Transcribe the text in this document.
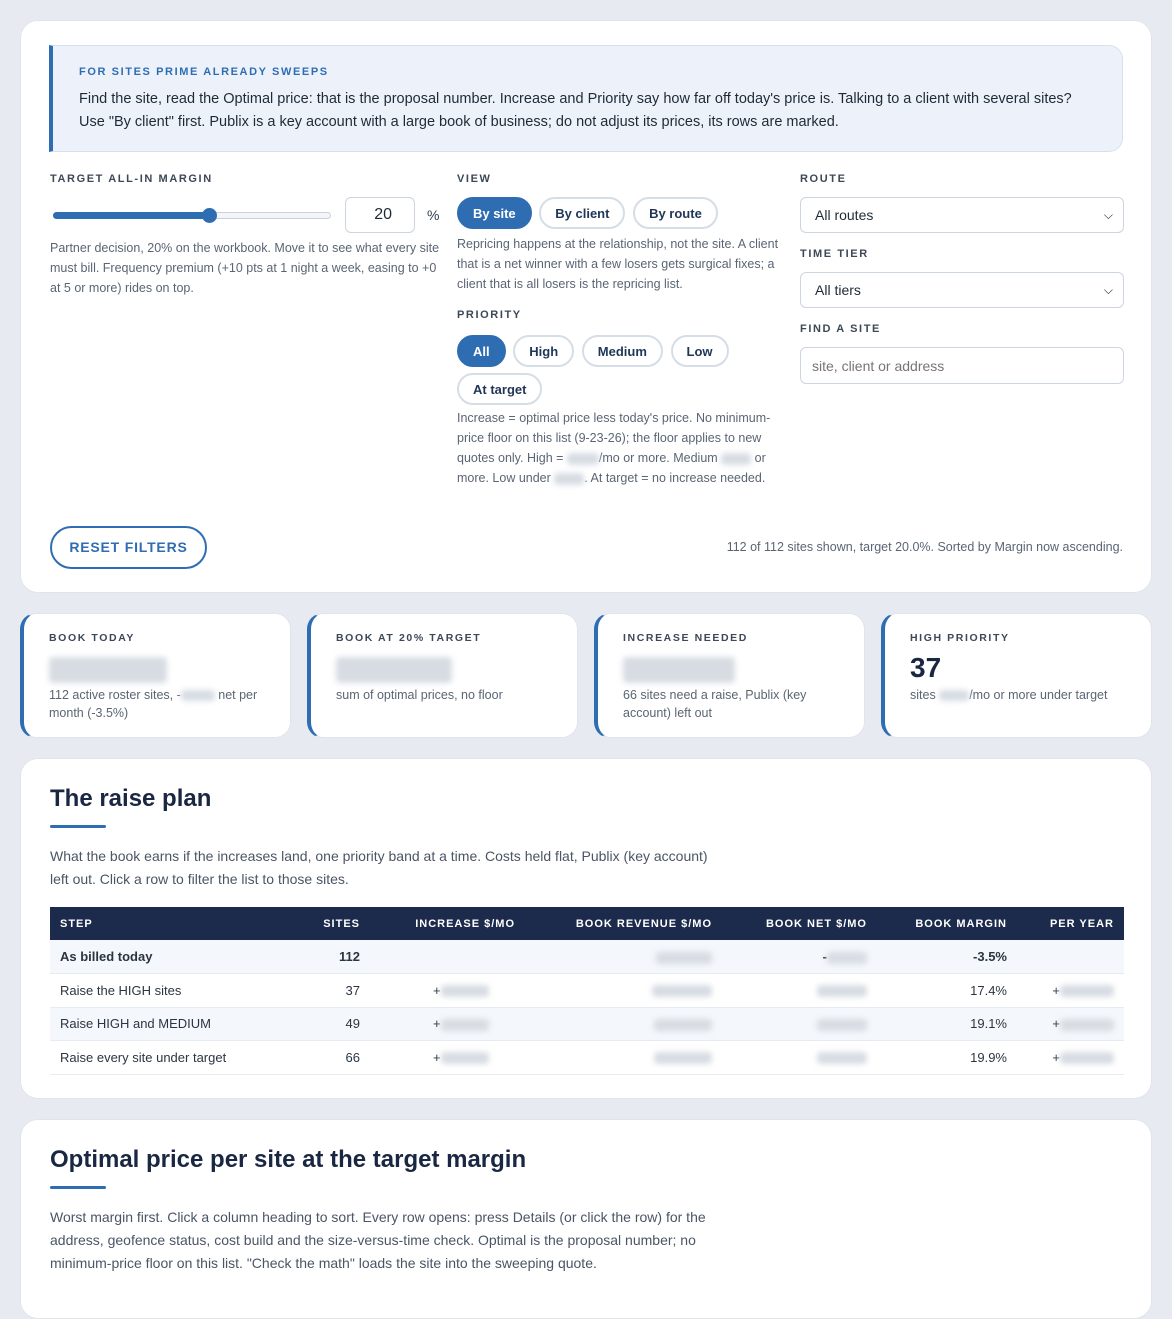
FOR SITES PRIME ALREADY SWEEPS
Find the site, read the Optimal price: that is the proposal number. Increase and Priority say how far off today's price is. Talking to a client with several sites? Use "By client" first. Publix is a key account with a large book of business; do not adjust its prices, its rows are marked.
TARGET ALL-IN MARGIN
20	%
Partner decision, 20% on the workbook. Move it to see what every site must bill. Frequency premium (+10 pts at 1 night a week, easing to +0 at 5 or more) rides on top.
VIEW
By site	By client	By route
Repricing happens at the relationship, not the site. A client that is a net winner with a few losers gets surgical fixes; a client that is all losers is the repricing list.
PRIORITY
All	High	Medium	Low At target
Increase = optimal price less today's price. No minimum-price floor on this list (9-23-26); the floor applies to new quotes only. High =	/mo or more. Medium  or more. Low under . At target = no increase needed.
ROUTE
All routes	⌵
TIME TIER
All tiers	⌵
FIND A SITE
site, client or address
RESET FILTERS	112 of 112 sites shown, target 20.0%. Sorted by Margin now ascending.
BOOK TODAY
112 active roster sites, -	net per month (-3.5%)
BOOK AT 20% TARGET
sum of optimal prices, no floor
INCREASE NEEDED
66 sites need a raise, Publix (key account) left out
HIGH PRIORITY
37
sites /mo or more under target
The raise plan
What the book earns if the increases land, one priority band at a time. Costs held flat, Publix (key account) left out. Click a row to filter the list to those sites.
STEP	SITES	INCREASE $/MO	BOOK REVENUE $/MO	BOOK NET $/MO	BOOK MARGIN	PER YEAR
As billed today	112			-	-3.5%	
Raise the HIGH sites	37	+			17.4%	+
Raise HIGH and MEDIUM	49	+			19.1%	+
Raise every site under target	66	+			19.9%	+
Optimal price per site at the target margin
Worst margin first. Click a column heading to sort. Every row opens: press Details (or click the row) for the address, geofence status, cost build and the size-versus-time check. Optimal is the proposal number; no minimum-price floor on this list. "Check the math" loads the site into the sweeping quote.
